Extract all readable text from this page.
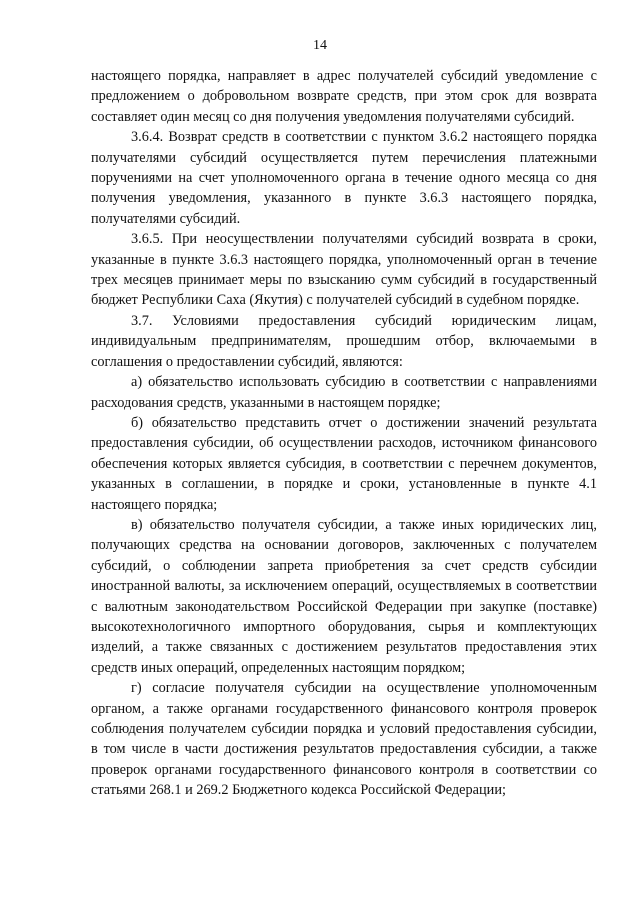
14

настоящего порядка, направляет в адрес получателей субсидий уведомление с предложением о добровольном возврате средств, при этом срок для возврата составляет один месяц со дня получения уведомления получателями субсидий.

3.6.4. Возврат средств в соответствии с пунктом 3.6.2 настоящего порядка получателями субсидий осуществляется путем перечисления платежными поручениями на счет уполномоченного органа в течение одного месяца со дня получения уведомления, указанного в пункте 3.6.3 настоящего порядка, получателями субсидий.

3.6.5. При неосуществлении получателями субсидий возврата в сроки, указанные в пункте 3.6.3 настоящего порядка, уполномоченный орган в течение трех месяцев принимает меры по взысканию сумм субсидий в государственный бюджет Республики Саха (Якутия) с получателей субсидий в судебном порядке.

3.7. Условиями предоставления субсидий юридическим лицам, индивидуальным предпринимателям, прошедшим отбор, включаемыми в соглашения о предоставлении субсидий, являются:

а) обязательство использовать субсидию в соответствии с направлениями расходования средств, указанными в настоящем порядке;

б) обязательство представить отчет о достижении значений результата предоставления субсидии, об осуществлении расходов, источником финансового обеспечения которых является субсидия, в соответствии с перечнем документов, указанных в соглашении, в порядке и сроки, установленные в пункте 4.1 настоящего порядка;

в) обязательство получателя субсидии, а также иных юридических лиц, получающих средства на основании договоров, заключенных с получателем субсидий, о соблюдении запрета приобретения за счет средств субсидии иностранной валюты, за исключением операций, осуществляемых в соответствии с валютным законодательством Российской Федерации при закупке (поставке) высокотехнологичного импортного оборудования, сырья и комплектующих изделий, а также связанных с достижением результатов предоставления этих средств иных операций, определенных настоящим порядком;

г) согласие получателя субсидии на осуществление уполномоченным органом, а также органами государственного финансового контроля проверок соблюдения получателем субсидии порядка и условий предоставления субсидии, в том числе в части достижения результатов предоставления субсидии, а также проверок органами государственного финансового контроля в соответствии со статьями 268.1 и 269.2 Бюджетного кодекса Российской Федерации;
